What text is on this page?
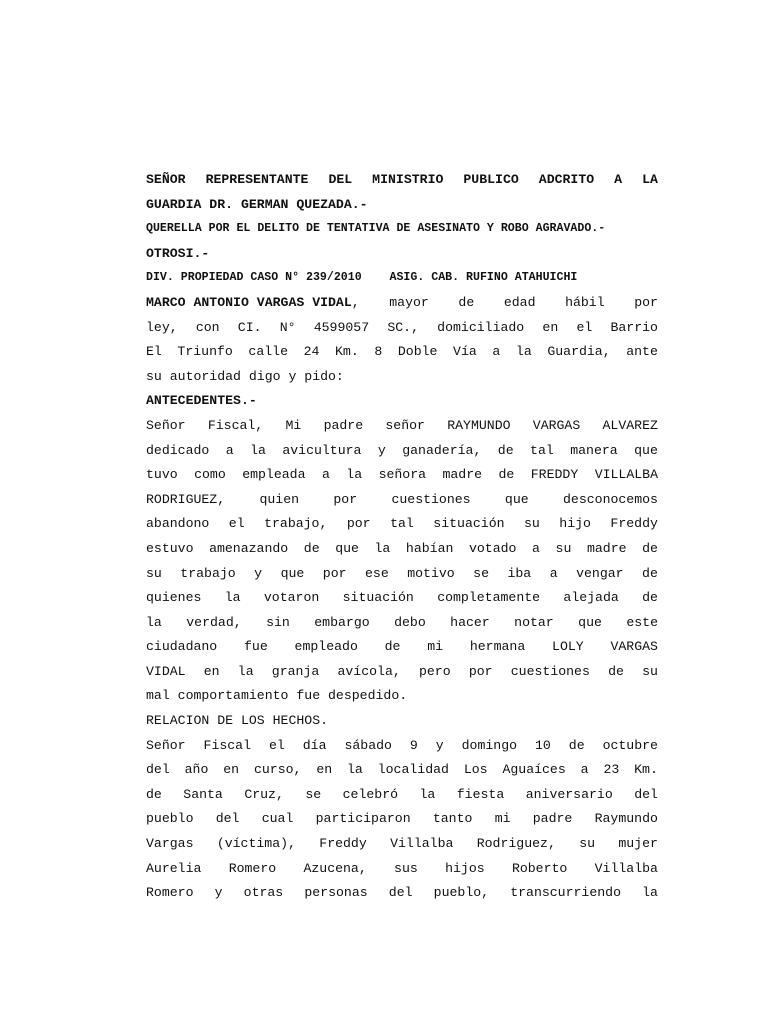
SEÑOR REPRESENTANTE DEL MINISTRIO PUBLICO ADCRITO A LA
GUARDIA DR. GERMAN QUEZADA.-
QUERELLA POR EL DELITO DE TENTATIVA DE ASESINATO Y ROBO AGRAVADO.-
OTROSI.-
DIV. PROPIEDAD CASO N° 239/2010    ASIG. CAB. RUFINO ATAHUICHI
MARCO ANTONIO VARGAS VIDAL, mayor de edad hábil por
ley, con CI. N° 4599057 SC., domiciliado en el Barrio
El Triunfo calle 24 Km. 8 Doble Vía a la Guardia, ante
su autoridad digo y pido:
ANTECEDENTES.-
Señor Fiscal, Mi padre señor RAYMUNDO VARGAS ALVAREZ
dedicado a la avicultura y ganadería, de tal manera que
tuvo como empleada a la señora madre de FREDDY VILLALBA
RODRIGUEZ,	quien	por	cuestiones	que	desconocemos
abandono el trabajo, por tal situación su hijo Freddy
estuvo amenazando de que la habían votado a su madre de
su trabajo y que por ese motivo se iba a vengar de
quienes la votaron situación completamente alejada de
la verdad, sin embargo debo hacer notar que este
ciudadano fue empleado de mi hermana LOLY VARGAS
VIDAL en la granja avícola, pero por cuestiones de su
mal comportamiento fue despedido.
RELACION DE LOS HECHOS.
Señor Fiscal el día sábado 9 y domingo 10 de octubre
del año en curso, en la localidad Los Aguaíces a 23 Km.
de Santa Cruz, se celebró la fiesta aniversario del
pueblo del cual participaron tanto mi padre Raymundo
Vargas (víctima), Freddy Villalba Rodriguez, su mujer
Aurelia Romero Azucena, sus hijos Roberto Villalba
Romero y otras personas del pueblo, transcurriendo la
